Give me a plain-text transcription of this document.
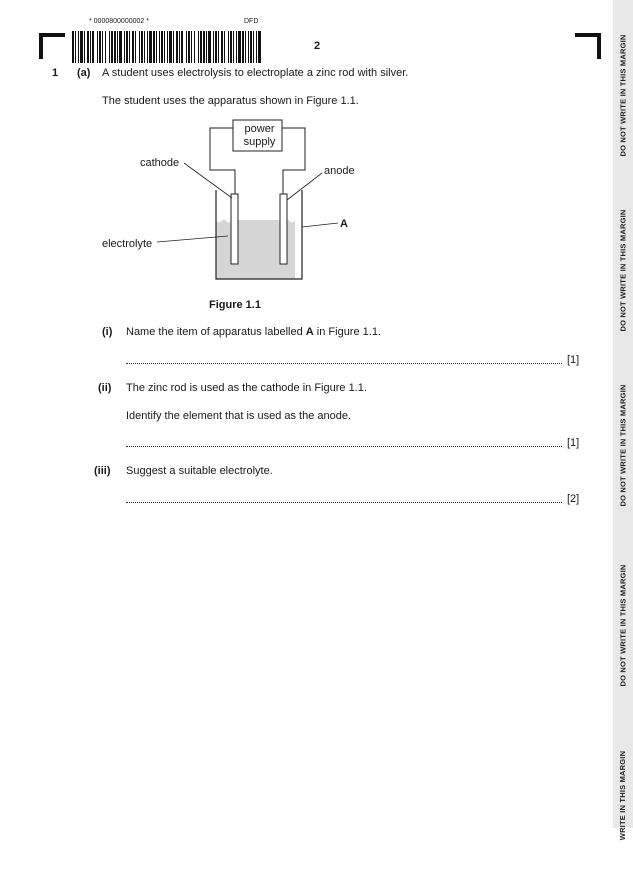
DO NOT WRITE IN THIS MARGIN
DO NOT WRITE IN THIS MARGIN
DO NOT WRITE IN THIS MARGIN
DO NOT WRITE IN THIS MARGIN
WRITE IN THIS MARGIN
* 0000800000002 *	DFD
2
1 (a) A student uses electrolysis to electroplate a zinc rod with silver.
The student uses the apparatus shown in Figure 1.1.
power
supply
cathode
anode
A
electrolyte
Figure 1.1
(i) Name the item of apparatus labelled A in Figure 1.1.
[1]
(ii) The zinc rod is used as the cathode in Figure 1.1.
Identify the element that is used as the anode.
[1]
(iii) Suggest a suitable electrolyte.
[2]
